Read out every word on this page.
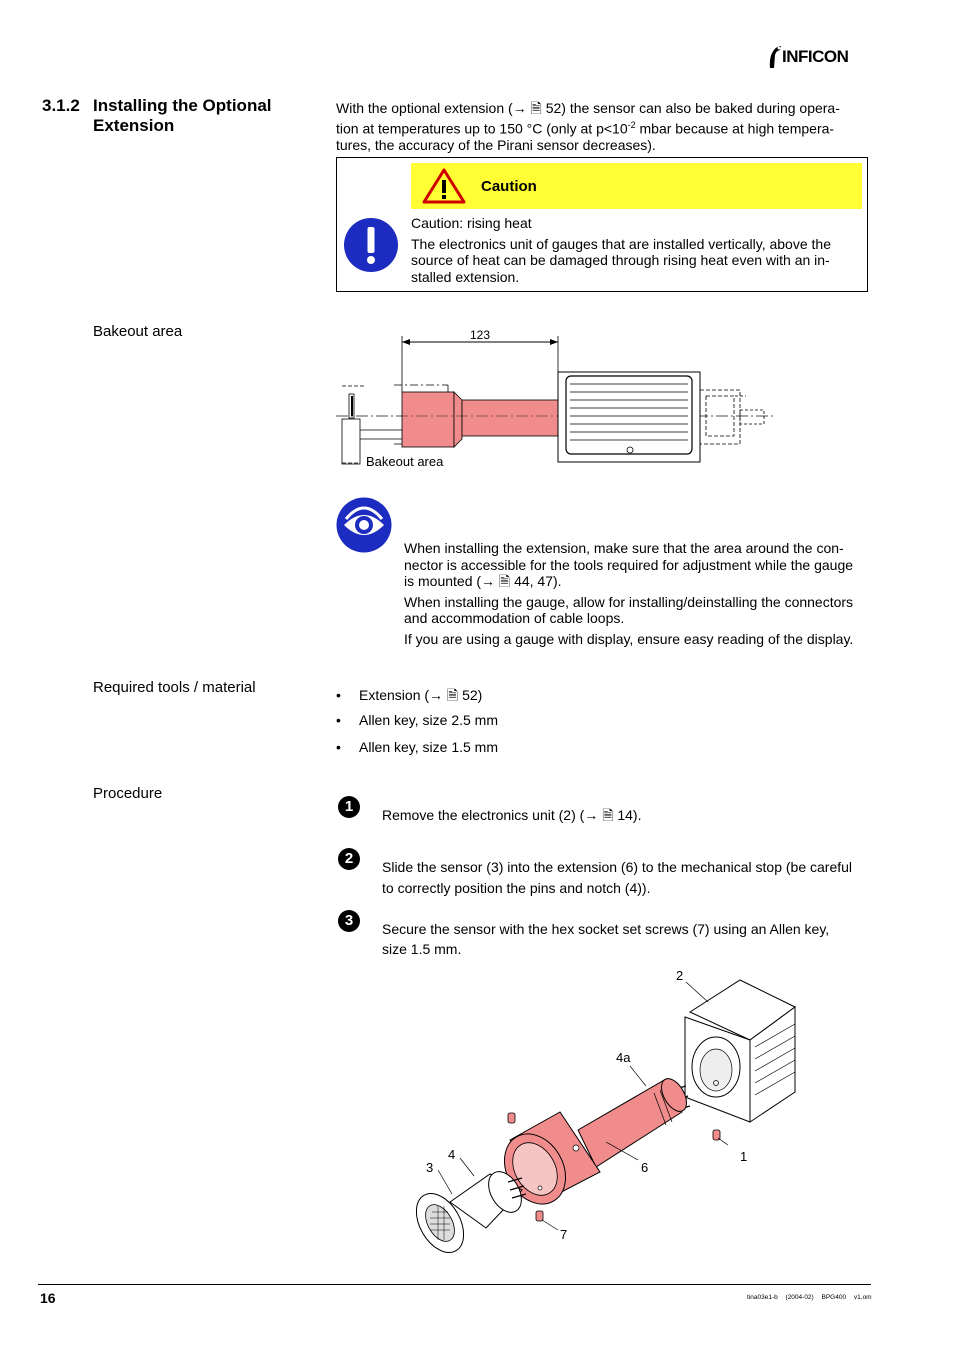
INFICON
3.1.2 Installing the Optional Extension
With the optional extension (→ 🗎 52) the sensor can also be baked during opera-
tion at temperatures up to 150 °C (only at $p<10^{-2}$ mbar because at high tempera-
tures, the accuracy of the Pirani sensor decreases).
Caution
Caution: rising heat
The electronics unit of gauges that are installed vertically, above the
source of heat can be damaged through rising heat even with an in-
stalled extension.
Bakeout area	123
Bakeout area
When installing the extension, make sure that the area around the con-
nector is accessible for the tools required for adjustment while the gauge
is mounted (→ 🗎 44, 47).
When installing the gauge, allow for installing/deinstalling the connectors
and accommodation of cable loops.
If you are using a gauge with display, ensure easy reading of the display.
Required tools / material	• Extension (→ 🗎 52)
• Allen key, size 2.5 mm
• Allen key, size 1.5 mm
Procedure
1	Remove the electronics unit (2) (→ 🗎 14).
2	Slide the sensor (3) into the extension (6) to the mechanical stop (be careful
to correctly position the pins and notch (4)).
3	Secure the sensor with the hex socket set screws (7) using an Allen key,
size 1.5 mm.
2
4a
1
3
4
6
7
16	tina03e1-b (2004-02) BPG400 v1.om
